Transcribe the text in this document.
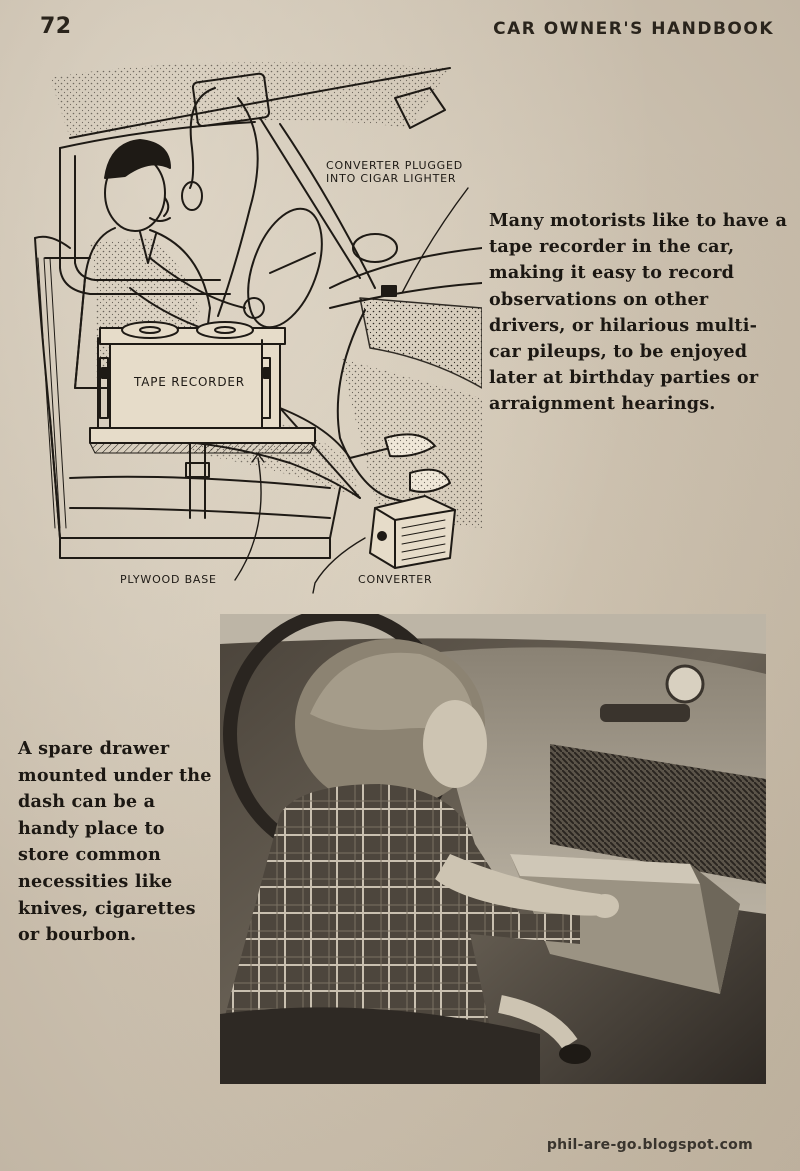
72	CAR OWNER'S HANDBOOK
CONVERTER PLUGGED
INTO CIGAR LIGHTER
TAPE RECORDER
PLYWOOD BASE	CONVERTER
Many motorists like to have a tape recorder in the car, making it easy to record observations on other drivers, or hilarious multi-car pileups, to be enjoyed later at birthday parties or arraignment hearings.
A spare drawer mounted under the dash can be a handy place to store common necessities like knives, cigarettes or bourbon.
phil-are-go.blogspot.com
